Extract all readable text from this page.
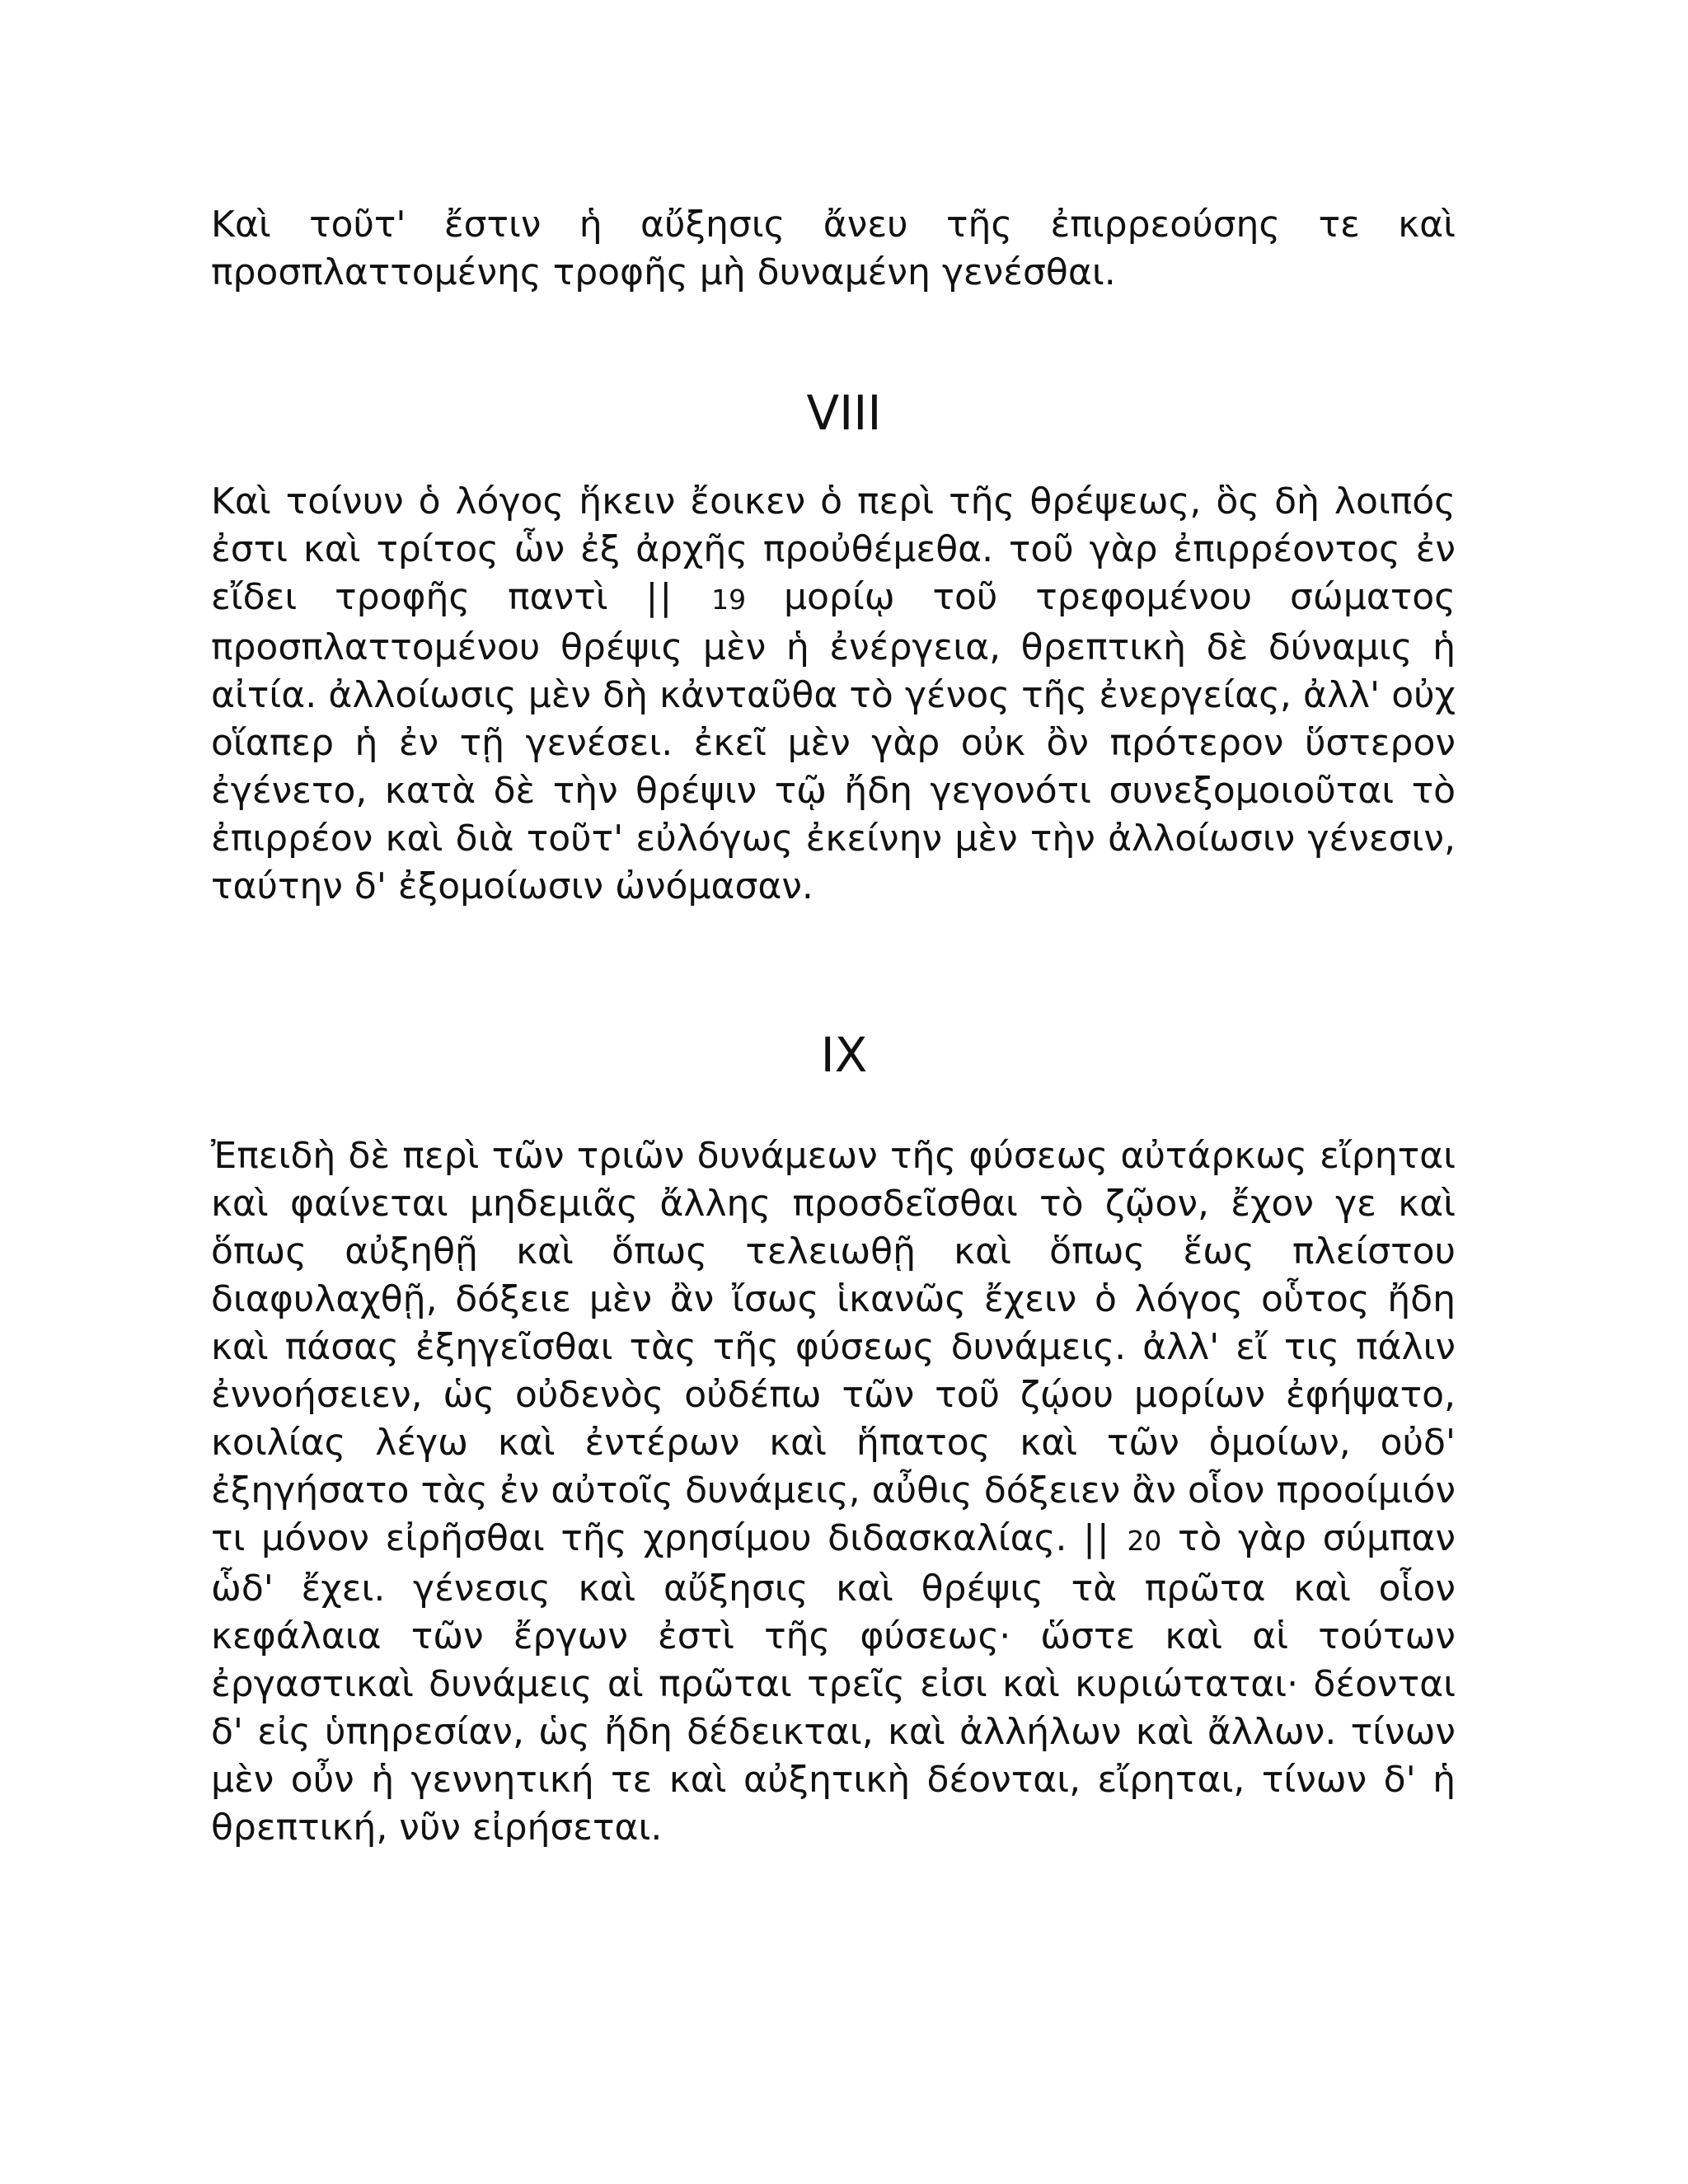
Καὶ τοῦτ' ἔστιν ἡ αὔξησις ἄνευ τῆς ἐπιρρεούσης τε καὶ προσπλαττομένης τροφῆς μὴ δυναμένη γενέσθαι.

VIII

Καὶ τοίνυν ὁ λόγος ἥκειν ἔοικεν ὁ περὶ τῆς θρέψεως, ὃς δὴ λοιπός ἐστι καὶ τρίτος ὧν ἐξ ἀρχῆς προὐθέμεθα. τοῦ γὰρ ἐπιρρέοντος ἐν εἴδει τροφῆς παντὶ || 19 μορίῳ τοῦ τρεφομένου σώματος προσπλαττομένου θρέψις μὲν ἡ ἐνέργεια, θρεπτικὴ δὲ δύναμις ἡ αἰτία. ἀλλοίωσις μὲν δὴ κἀνταῦθα τὸ γένος τῆς ἐνεργείας, ἀλλ' οὐχ οἵαπερ ἡ ἐν τῇ γενέσει. ἐκεῖ μὲν γὰρ οὐκ ὂν πρότερον ὕστερον ἐγένετο, κατὰ δὲ τὴν θρέψιν τῷ ἤδη γεγονότι συνεξομοιοῦται τὸ ἐπιρρέον καὶ διὰ τοῦτ' εὐλόγως ἐκείνην μὲν τὴν ἀλλοίωσιν γένεσιν, ταύτην δ' ἐξομοίωσιν ὠνόμασαν.

IX

Ἐπειδὴ δὲ περὶ τῶν τριῶν δυνάμεων τῆς φύσεως αὐτάρκως εἴρηται καὶ φαίνεται μηδεμιᾶς ἄλλης προσδεῖσθαι τὸ ζῷον, ἔχον γε καὶ ὅπως αὐξηθῇ καὶ ὅπως τελειωθῇ καὶ ὅπως ἕως πλείστου διαφυλαχθῇ, δόξειε μὲν ἂν ἴσως ἱκανῶς ἔχειν ὁ λόγος οὗτος ἤδη καὶ πάσας ἐξηγεῖσθαι τὰς τῆς φύσεως δυνάμεις. ἀλλ' εἴ τις πάλιν ἐννοήσειεν, ὡς οὐδενὸς οὐδέπω τῶν τοῦ ζῴου μορίων ἐφήψατο, κοιλίας λέγω καὶ ἐντέρων καὶ ἥπατος καὶ τῶν ὁμοίων, οὐδ' ἐξηγήσατο τὰς ἐν αὐτοῖς δυνάμεις, αὖθις δόξειεν ἂν οἷον προοίμιόν τι μόνον εἰρῆσθαι τῆς χρησίμου διδασκαλίας. || 20 τὸ γὰρ σύμπαν ὧδ' ἔχει. γένεσις καὶ αὔξησις καὶ θρέψις τὰ πρῶτα καὶ οἷον κεφάλαια τῶν ἔργων ἐστὶ τῆς φύσεως· ὥστε καὶ αἱ τούτων ἐργαστικαὶ δυνάμεις αἱ πρῶται τρεῖς εἰσι καὶ κυριώταται· δέονται δ' εἰς ὑπηρεσίαν, ὡς ἤδη δέδεικται, καὶ ἀλλήλων καὶ ἄλλων. τίνων μὲν οὖν ἡ γεννητική τε καὶ αὐξητικὴ δέονται, εἴρηται, τίνων δ' ἡ θρεπτική, νῦν εἰρήσεται.
